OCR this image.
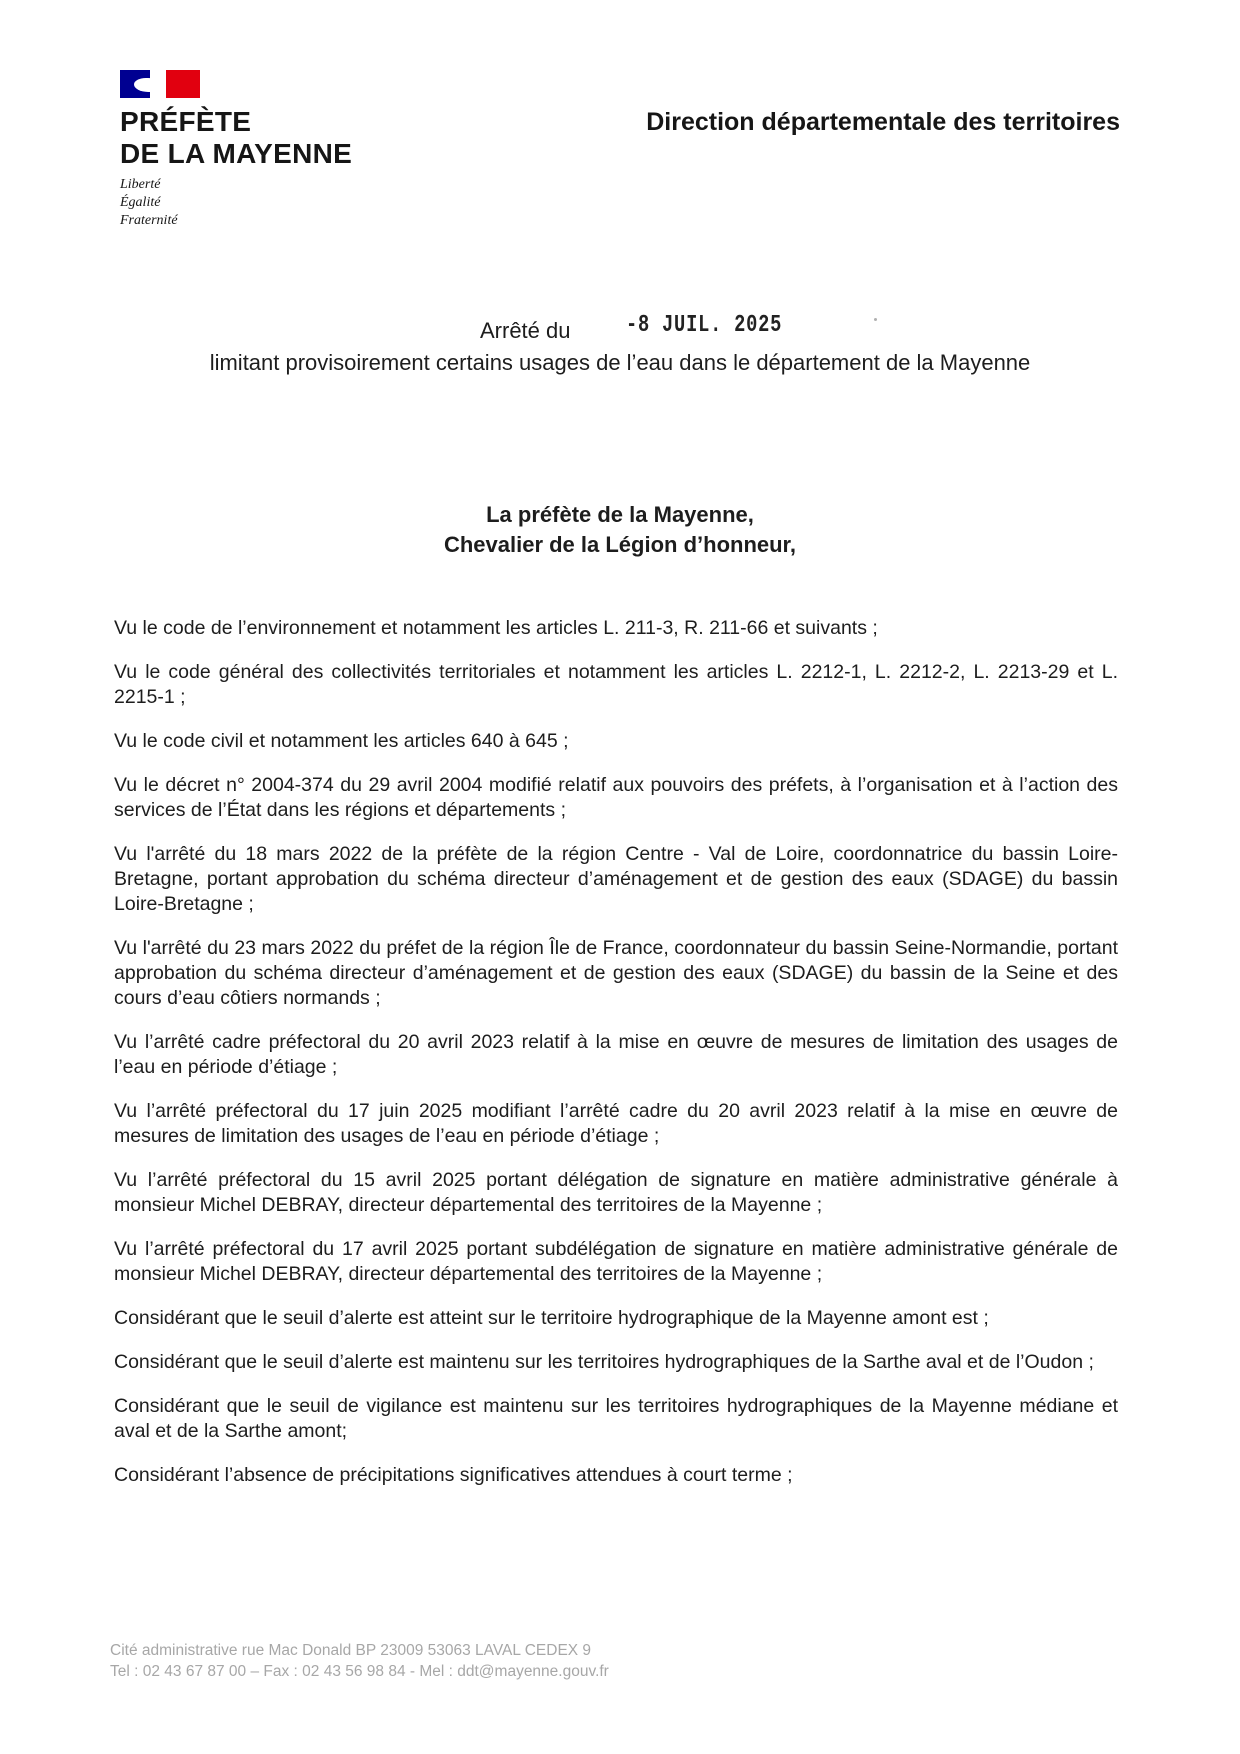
PRÉFÈTE
DE LA MAYENNE
Liberté
Égalité
Fraternité
Direction départementale des territoires
Arrêté du -8 JUIL. 2025
limitant provisoirement certains usages de l’eau dans le département de la Mayenne
La préfète de la Mayenne,
Chevalier de la Légion d’honneur,

Vu le code de l’environnement et notamment les articles L. 211-3, R. 211-66 et suivants ;

Vu le code général des collectivités territoriales et notamment les articles L. 2212-1, L. 2212-2, L. 2213-29 et L. 2215-1 ;

Vu le code civil et notamment les articles 640 à 645 ;

Vu le décret n° 2004-374 du 29 avril 2004 modifié relatif aux pouvoirs des préfets, à l’organisation et à l’action des services de l’État dans les régions et départements ;

Vu l'arrêté du 18 mars 2022 de la préfète de la région Centre - Val de Loire, coordonnatrice du bassin Loire-Bretagne, portant approbation du schéma directeur d’aménagement et de gestion des eaux (SDAGE) du bassin Loire-Bretagne ;

Vu l'arrêté du 23 mars 2022 du préfet de la région Île de France, coordonnateur du bassin Seine-Normandie, portant approbation du schéma directeur d’aménagement et de gestion des eaux (SDAGE) du bassin de la Seine et des cours d’eau côtiers normands ;

Vu l’arrêté cadre préfectoral du 20 avril 2023 relatif à la mise en œuvre de mesures de limitation des usages de l’eau en période d’étiage ;

Vu l’arrêté préfectoral du 17 juin 2025 modifiant l’arrêté cadre du 20 avril 2023 relatif à la mise en œuvre de mesures de limitation des usages de l’eau en période d’étiage ;

Vu l’arrêté préfectoral du 15 avril 2025 portant délégation de signature en matière administrative générale à monsieur Michel DEBRAY, directeur départemental des territoires de la Mayenne ;

Vu l’arrêté préfectoral du 17 avril 2025 portant subdélégation de signature en matière administrative générale de monsieur Michel DEBRAY, directeur départemental des territoires de la Mayenne ;

Considérant que le seuil d’alerte est atteint sur le territoire hydrographique de la Mayenne amont est ;

Considérant que le seuil d’alerte est maintenu sur les territoires hydrographiques de la Sarthe aval et de l’Oudon ;

Considérant que le seuil de vigilance est maintenu sur les territoires hydrographiques de la Mayenne médiane et aval et de la Sarthe amont;

Considérant l’absence de précipitations significatives attendues à court terme ;

Cité administrative rue Mac Donald BP 23009 53063 LAVAL CEDEX 9
Tel : 02 43 67 87 00 – Fax : 02 43 56 98 84 - Mel : ddt@mayenne.gouv.fr
